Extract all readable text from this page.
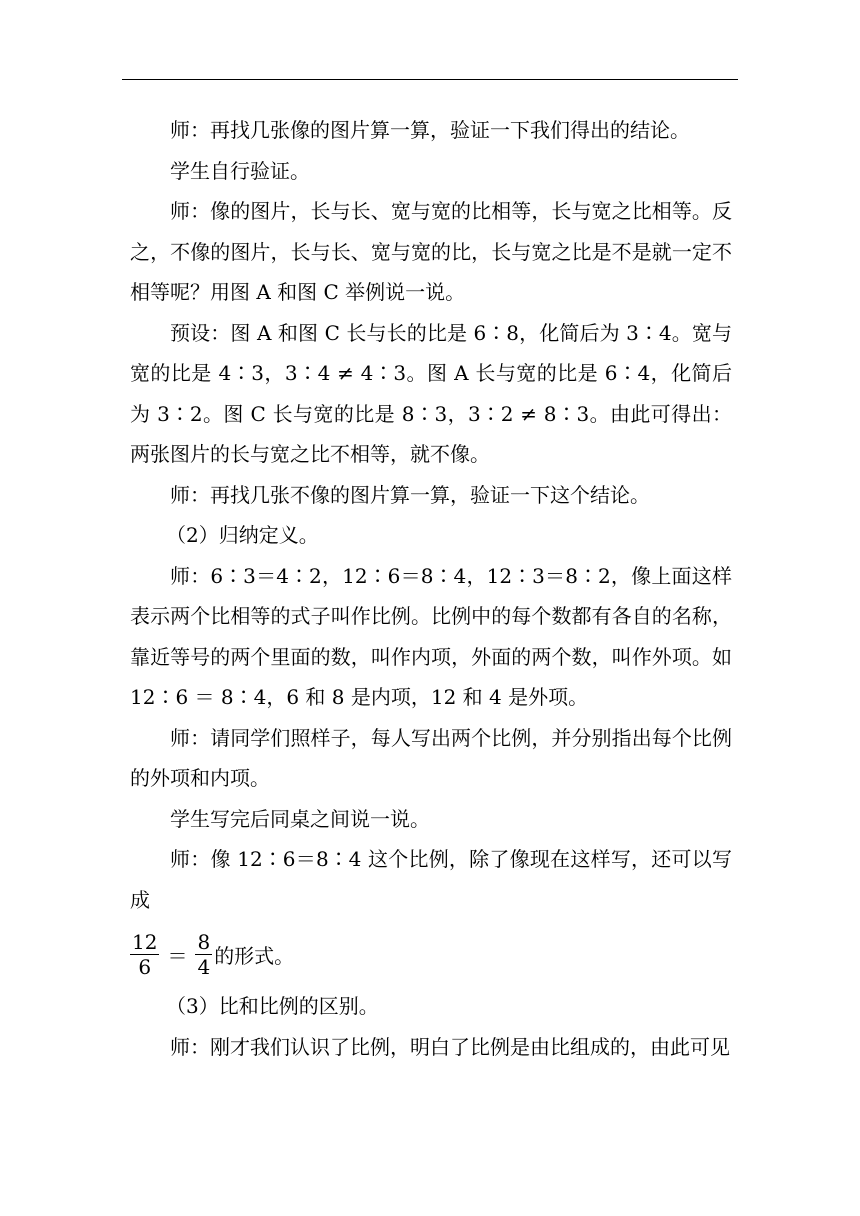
师：再找几张像的图片算一算，验证一下我们得出的结论。

学生自行验证。

师：像的图片，长与长、宽与宽的比相等，长与宽之比相等。反之，不像的图片，长与长、宽与宽的比，长与宽之比是不是就一定不相等呢？用图 A 和图 C 举例说一说。

预设：图 A 和图 C 长与长的比是 6∶8，化简后为 3∶4。宽与宽的比是 4∶3，3∶4 ≠ 4∶3。图 A 长与宽的比是 6∶4，化简后为 3∶2。图 C 长与宽的比是 8∶3，3∶2 ≠ 8∶3。由此可得出：两张图片的长与宽之比不相等，就不像。

师：再找几张不像的图片算一算，验证一下这个结论。

（2）归纳定义。

师：6∶3＝4∶2，12∶6＝8∶4，12∶3＝8∶2，像上面这样表示两个比相等的式子叫作比例。比例中的每个数都有各自的名称，靠近等号的两个里面的数，叫作内项，外面的两个数，叫作外项。如 12∶6 ＝ 8∶4，6 和 8 是内项，12 和 4 是外项。

师：请同学们照样子，每人写出两个比例，并分别指出每个比例的外项和内项。

学生写完后同桌之间说一说。

师：像 12∶6＝8∶4 这个比例，除了像现在这样写，还可以写成

$\frac{12}{6} = \frac{8}{4}$ 的形式。

（3）比和比例的区别。

师：刚才我们认识了比例，明白了比例是由比组成的，由此可见
